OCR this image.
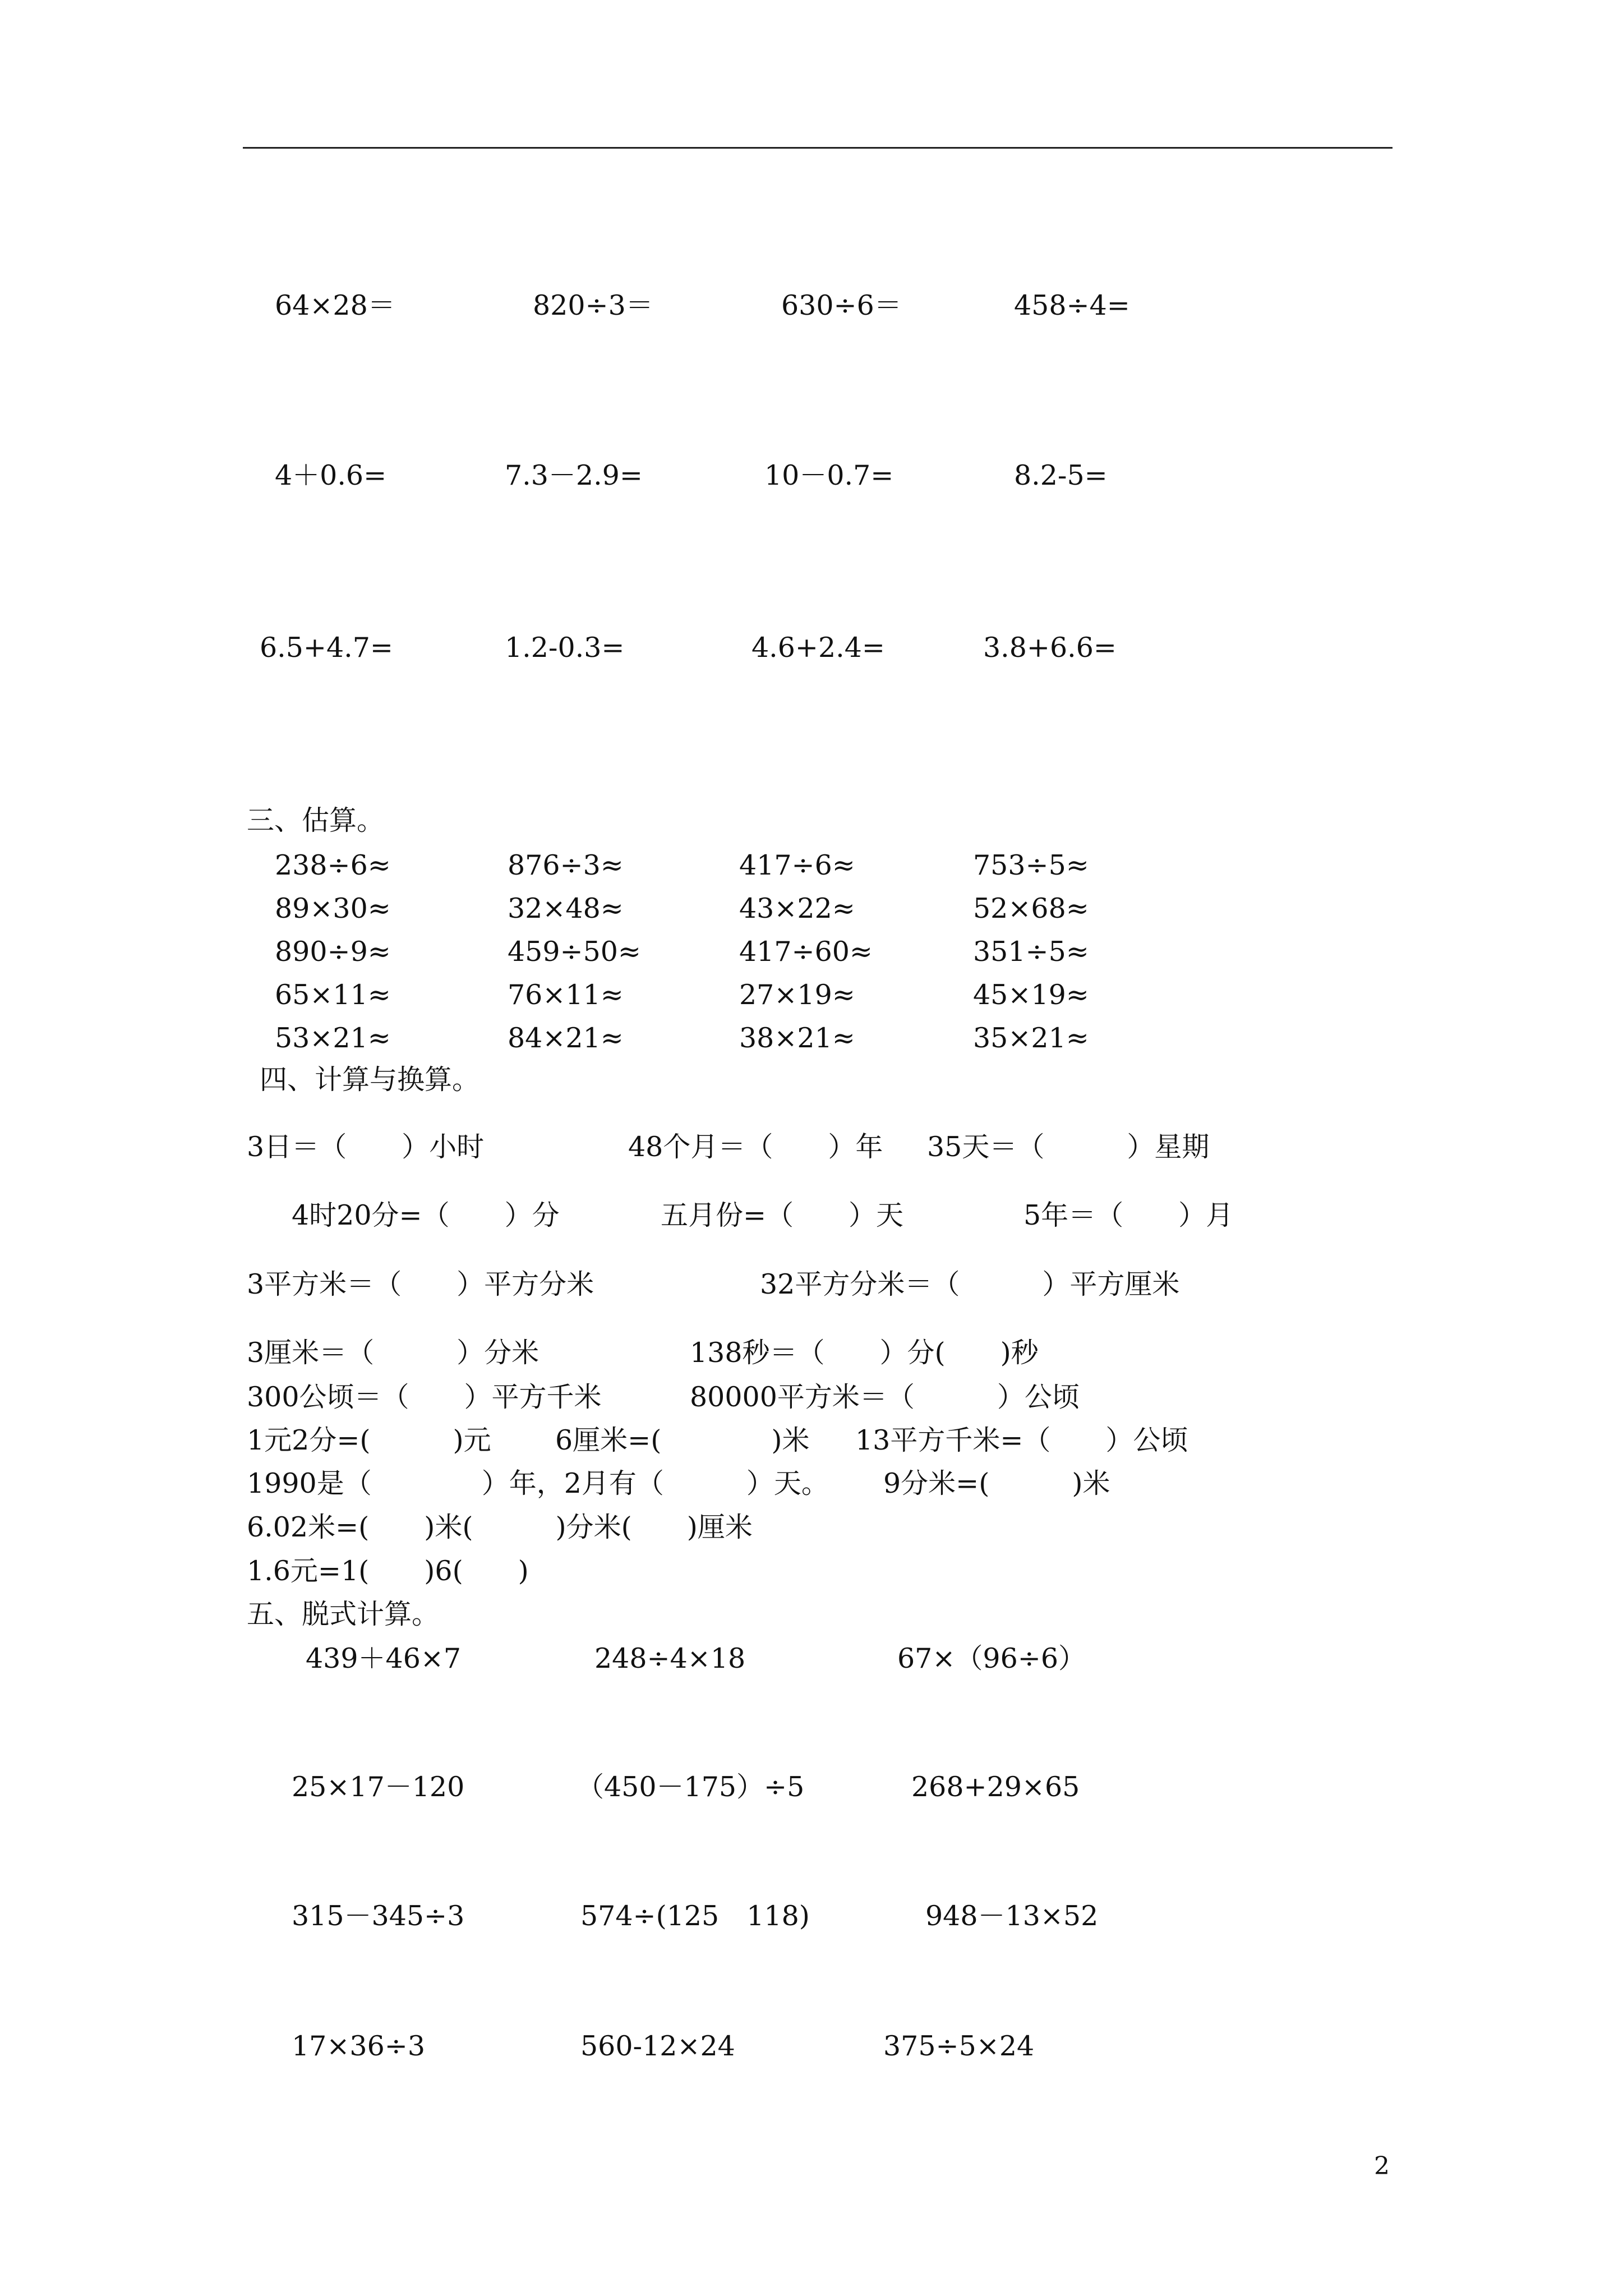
64×28＝	820÷3＝	630÷6＝	458÷4=
4＋0.6=	7.3－2.9=	10－0.7=	8.2-5=
6.5+4.7=	1.2-0.3=	4.6+2.4=	3.8+6.6=
三、估算。
238÷6≈	876÷3≈	417÷6≈	753÷5≈
89×30≈	32×48≈	43×22≈	52×68≈
890÷9≈	459÷50≈	417÷60≈	351÷5≈
65×11≈	76×11≈	27×19≈	45×19≈
53×21≈	84×21≈	38×21≈	35×21≈
四、计算与换算。
3日＝（　　）小时	48个月＝（　　）年 35天＝（　　　）星期
4时20分=（　　）分	五月份=（　　）天	5年＝（　　）月
3平方米＝（　　）平方分米	32平方分米＝（　　　）平方厘米
3厘米＝（　　　）分米	138秒＝（　　）分(　　)秒
300公顷＝（　　）平方千米	80000平方米＝（　　　）公顷
1元2分=(　　　)元 6厘米=(　　　　)米 13平方千米=（　　）公顷
1990是（　　　　）年，2月有（　　　）天。 9分米=(　　　)米
6.02米=(　　)米(　　　)分米(　　)厘米
1.6元=1(　　)6(　　)
五、脱式计算。
439＋46×7	248÷4×18	67×（96÷6）
25×17－120	（450－175）÷5	268+29×65
315－345÷3	574÷(125　118)	948－13×52
17×36÷3	560-12×24	375÷5×24
2
